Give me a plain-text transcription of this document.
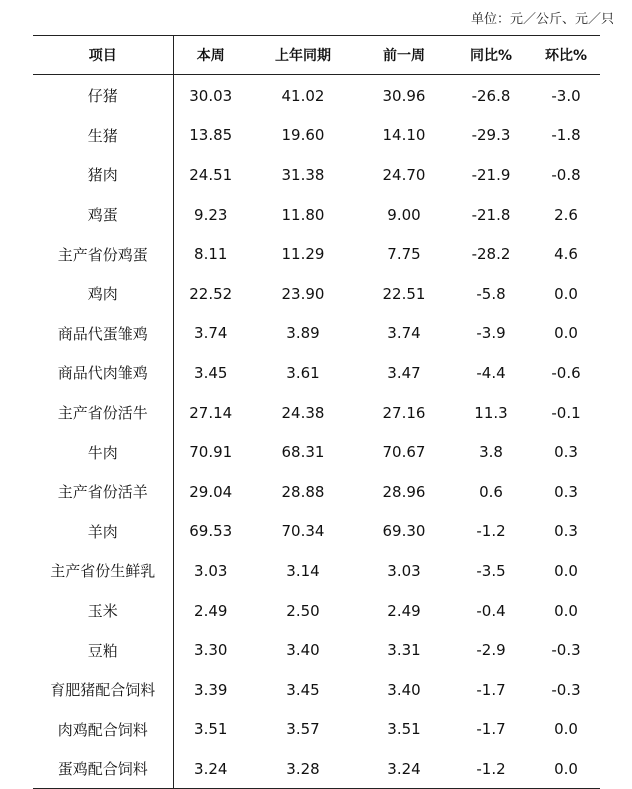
单位：元／公斤、元／只
项目	本周	上年同期	前一周	同比%	环比%
仔猪	30.03	41.02	30.96	-26.8	-3.0
生猪	13.85	19.60	14.10	-29.3	-1.8
猪肉	24.51	31.38	24.70	-21.9	-0.8
鸡蛋	9.23	11.80	9.00	-21.8	2.6
主产省份鸡蛋	8.11	11.29	7.75	-28.2	4.6
鸡肉	22.52	23.90	22.51	-5.8	0.0
商品代蛋雏鸡	3.74	3.89	3.74	-3.9	0.0
商品代肉雏鸡	3.45	3.61	3.47	-4.4	-0.6
主产省份活牛	27.14	24.38	27.16	11.3	-0.1
牛肉	70.91	68.31	70.67	3.8	0.3
主产省份活羊	29.04	28.88	28.96	0.6	0.3
羊肉	69.53	70.34	69.30	-1.2	0.3
主产省份生鲜乳	3.03	3.14	3.03	-3.5	0.0
玉米	2.49	2.50	2.49	-0.4	0.0
豆粕	3.30	3.40	3.31	-2.9	-0.3
育肥猪配合饲料	3.39	3.45	3.40	-1.7	-0.3
肉鸡配合饲料	3.51	3.57	3.51	-1.7	0.0
蛋鸡配合饲料	3.24	3.28	3.24	-1.2	0.0
